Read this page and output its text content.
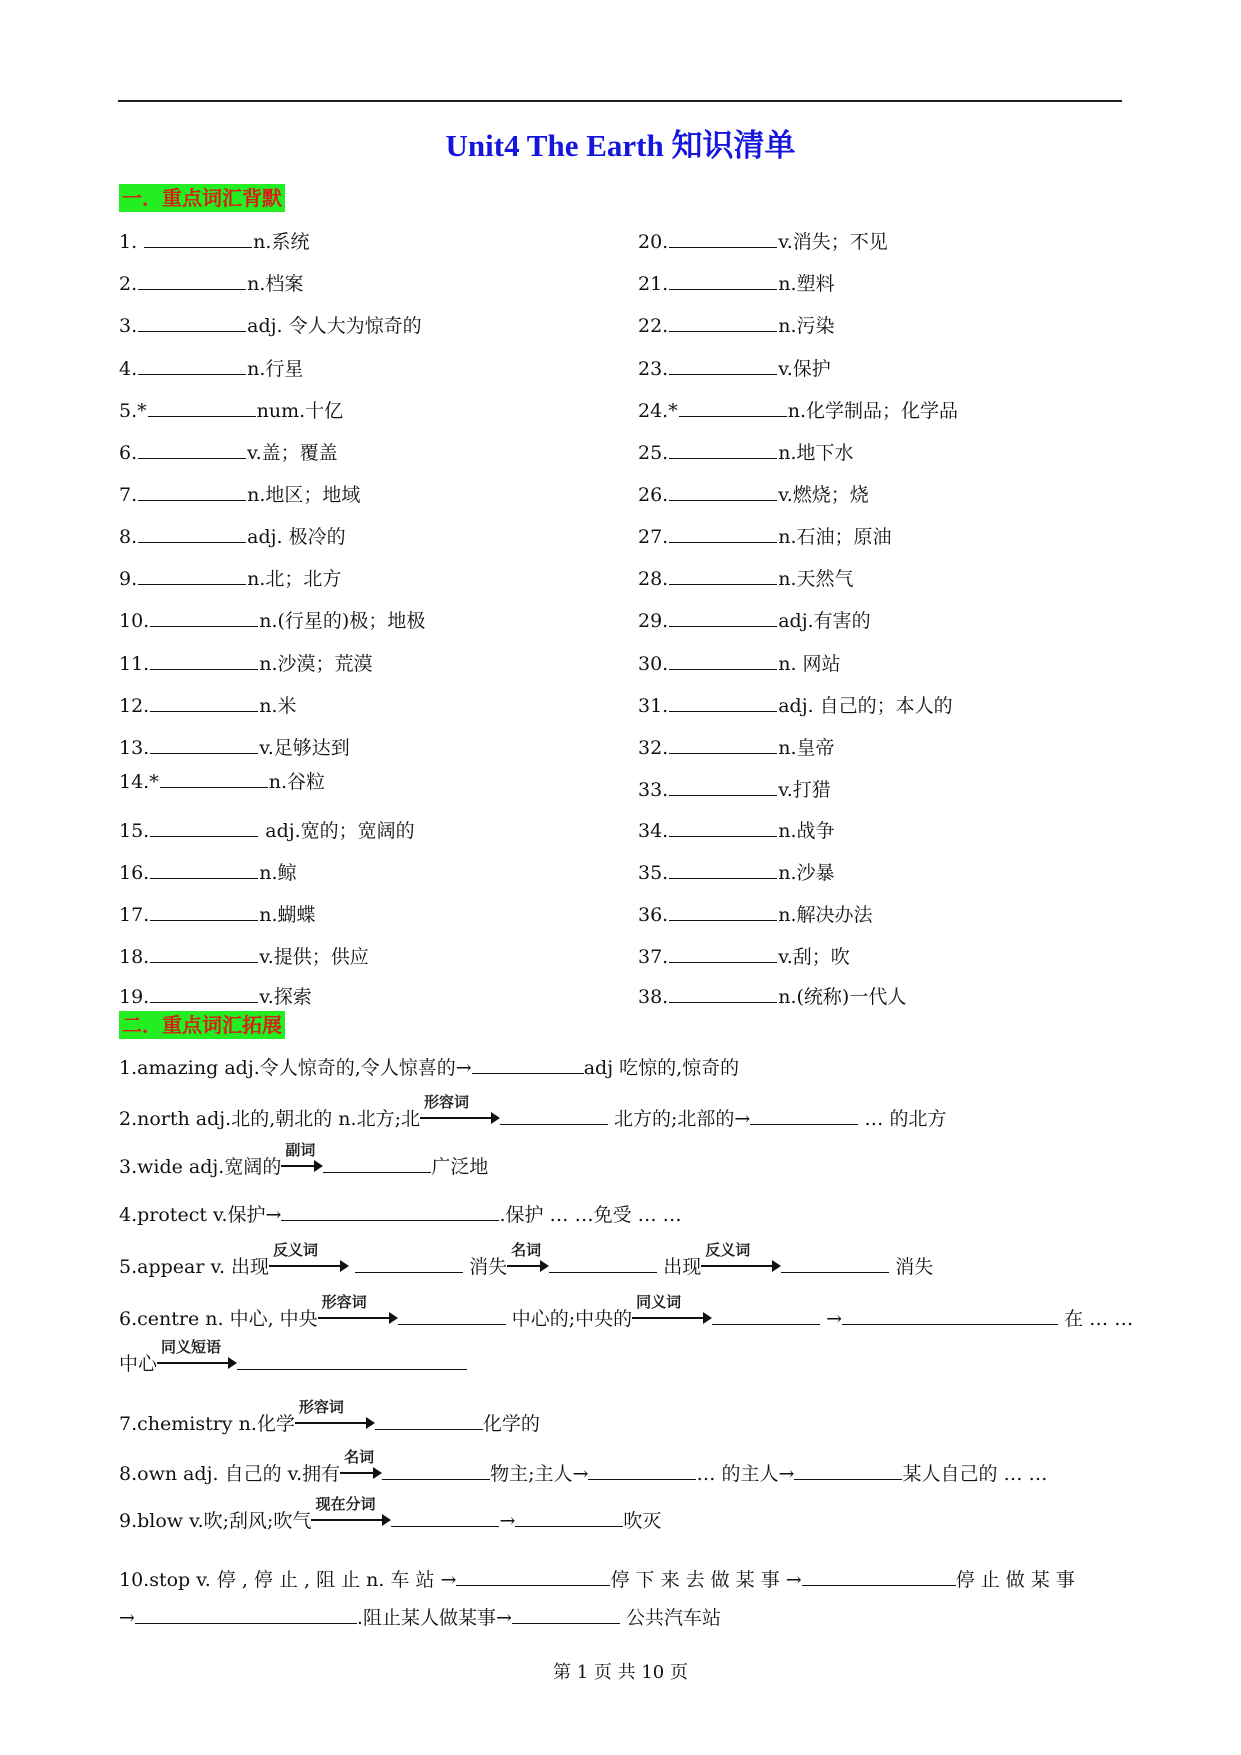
Unit4 The Earth 知识清单
一．重点词汇背默
1.	n.系统
2.	n.档案
3.	adj. 令人大为惊奇的
4.	n.行星
5.*	num.十亿
6.	v.盖；覆盖
7.	n.地区；地域
8.	adj. 极冷的
9.	n.北；北方
10.	n.(行星的)极；地极
11.	n.沙漠；荒漠
12.	n.米
13.	v.足够达到
14.*	n.谷粒
15.	adj.宽的；宽阔的
16.	n.鲸
17.	n.蝴蝶
18.	v.提供；供应
19.	v.探索
20.	v.消失；不见
21.	n.塑料
22.	n.污染
23.	v.保护
24.*	n.化学制品；化学品
25.	n.地下水
26.	v.燃烧；烧
27.	n.石油；原油
28.	n.天然气
29.	adj.有害的
30.	n. 网站
31.	adj. 自己的；本人的
32.	n.皇帝
33.	v.打猎
34.	n.战争
35.	n.沙暴
36.	n.解决办法
37.	v.刮；吹
38.	n.(统称)一代人
二．重点词汇拓展
1.amazing adj.令人惊奇的,令人惊喜的→	adj 吃惊的,惊奇的
2.north adj.北的,朝北的 n.北方;北
形容词
北方的;北部的→	… 的北方
3.wide adj.宽阔的
副词
广泛地
4.protect v.保护→	.保护 … …免受 … …
5.appear v. 出现
反义词
消失
名词
出现
反义词
消失
6.centre n. 中心, 中央
形容词
中心的;中央的
同义词
→	在 … …
中心
同义短语
7.chemistry n.化学
形容词
化学的
8.own adj. 自己的 v.拥有
名词
物主;主人→	… 的主人→	某人自己的 … …
9.blow v.吹;刮风;吹气
现在分词
→	吹灭
10.stop v. 停 , 停 止 , 阻 止 n. 车 站 →	停 下 来 去 做 某 事 →	停 止 做 某 事
→	.阻止某人做某事→	公共汽车站
第 1 页 共 10 页
